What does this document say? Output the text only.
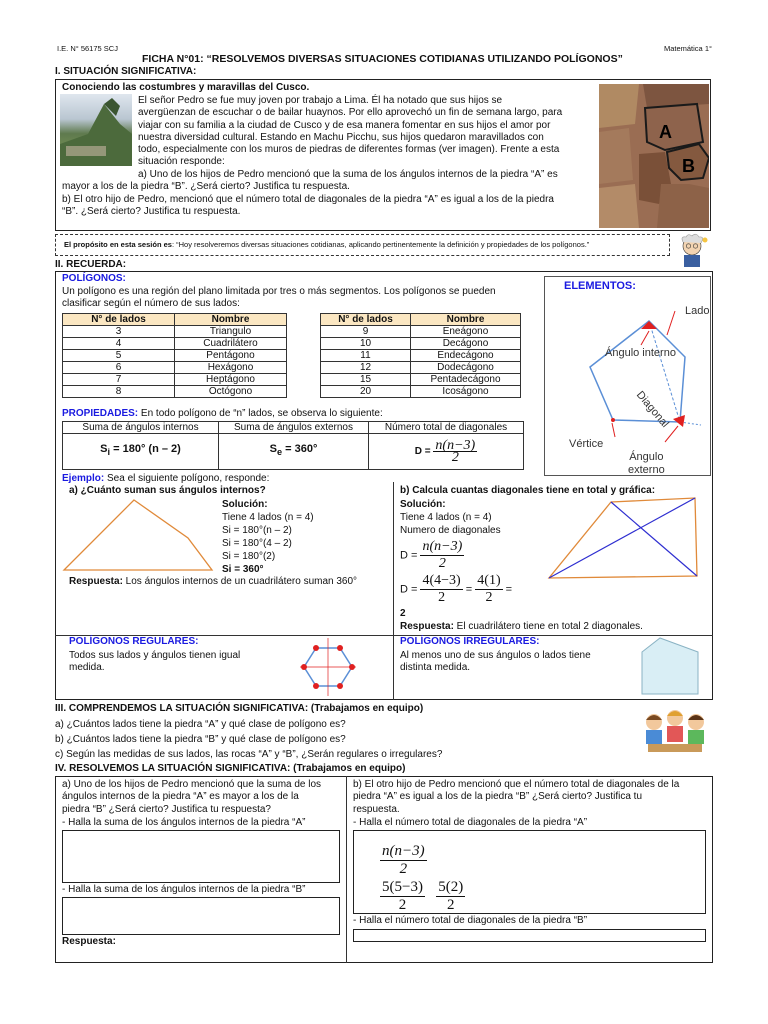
I.E. N° 56175 SCJ	Matemática 1°
FICHA N°01: “RESOLVEMOS DIVERSAS SITUACIONES COTIDIANAS UTILIZANDO POLÍGONOS”
I. SITUACIÓN SIGNIFICATIVA:
Conociendo las costumbres y maravillas del Cusco.
El señor Pedro se fue muy joven por trabajo a Lima. Él ha notado que sus hijos se
avergüenzan de escuchar o de bailar huaynos. Por ello aprovechó un fin de semana largo, para
viajar con su familia a la ciudad de Cusco y de esa manera fomentar en sus hijos el amor por
nuestra diversidad cultural. Estando en Machu Picchu, sus hijos quedaron maravillados con
todo, especialmente con los muros de piedras de diferentes formas (ver imagen). Frente a esta
situación responde:
a) Uno de los hijos de Pedro mencionó que la suma de los ángulos internos de la piedra “A” es
mayor a los de la piedra “B”. ¿Será cierto? Justifica tu respuesta.
b) El otro hijo de Pedro, mencionó que el número total de diagonales de la piedra “A” es igual a los de la piedra
“B”. ¿Será cierto? Justifica tu respuesta.
A
B
El propósito en esta sesión es: “Hoy resolveremos diversas situaciones cotidianas, aplicando pertinentemente la definición y propiedades de los polígonos.”
II. RECUERDA:
POLÍGONOS:
Un polígono es una región del plano limitada por tres o más segmentos. Los polígonos se pueden
clasificar según el número de sus lados:
N° de lados	Nombre
3	Triangulo
4	Cuadrilátero
5	Pentágono
6	Hexágono
7	Heptágono
8	Octógono
N° de lados	Nombre
9	Eneágono
10	Decágono
11	Endecágono
12	Dodecágono
15	Pentadecágono
20	Icoságono
ELEMENTOS:
Lado
Ángulo interno
Diagonal
Vértice
Ángulo
externo
PROPIEDADES: En todo polígono de “n” lados, se observa lo siguiente:
Suma de ángulos internos	Suma de ángulos externos	Número total de diagonales
$S_i = 180^\circ$ (n – 2)	$S_e = 360^\circ$	$D = \frac{n(n-3)}{2}$
Ejemplo: Sea el siguiente polígono, responde:
a) ¿Cuánto suman sus ángulos internos?
Solución:
Tiene 4 lados (n = 4)
Si = 180°(n – 2)
Si = 180°(4 – 2)
Si = 180°(2)
Si = 360°
Respuesta: Los ángulos internos de un cuadrilátero suman 360°
b) Calcula cuantas diagonales tiene en total y gráfica:
Solución:
Tiene 4 lados (n = 4)
Numero de diagonales
$D = \frac{n(n-3)}{2}$
$D = \frac{4(4-3)}{2} = \frac{4(1)}{2}$ =
2
Respuesta: El cuadrilátero tiene en total 2 diagonales.
POLÍGONOS REGULARES:
Todos sus lados y ángulos tienen igual
medida.
POLÍGONOS IRREGULARES:
Al menos uno de sus ángulos o lados tiene
distinta medida.
III. COMPRENDEMOS LA SITUACIÓN SIGNIFICATIVA: (Trabajamos en equipo)
a) ¿Cuántos lados tiene la piedra “A” y qué clase de polígono es?
b) ¿Cuántos lados tiene la piedra “B” y qué clase de polígono es?
c) Según las medidas de sus lados, las rocas “A” y “B”, ¿Serán regulares o irregulares?
IV. RESOLVEMOS LA SITUACIÓN SIGNIFICATIVA: (Trabajamos en equipo)
a) Uno de los hijos de Pedro mencionó que la suma de los
ángulos internos de la piedra “A” es mayor a los de la
piedra “B” ¿Será cierto? Justifica tu respuesta?
- Halla la suma de los ángulos internos de la piedra “A”
- Halla la suma de los ángulos internos de la piedra “B”
Respuesta:
b) El otro hijo de Pedro mencionó que el número total de diagonales de la
piedra “A” es igual a los de la piedra “B” ¿Será cierto? Justifica tu
respuesta.
- Halla el número total de diagonales de la piedra “A”
$\frac{n(n-3)}{2}$
$\frac{5(5-3)}{2}$
$\frac{5(2)}{2}$
- Halla el número total de diagonales de la piedra “B”
